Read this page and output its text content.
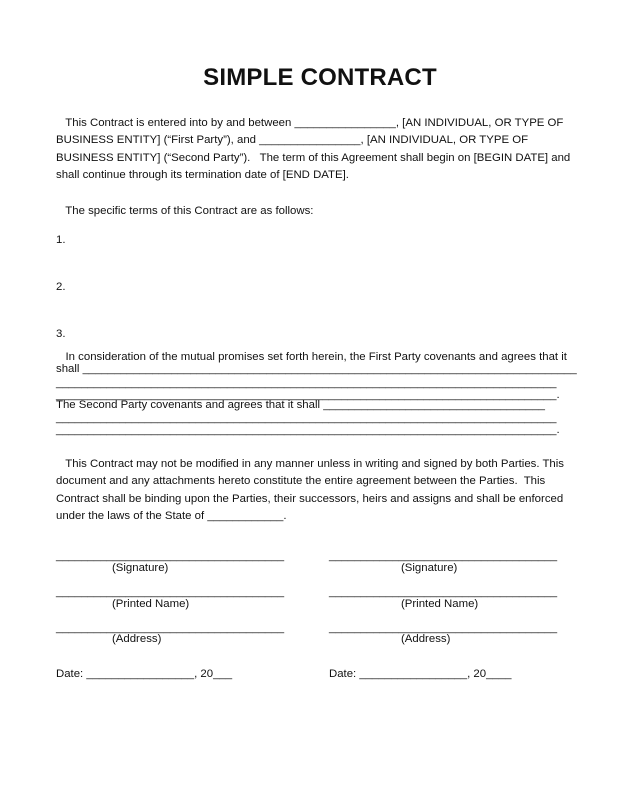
SIMPLE CONTRACT
This Contract is entered into by and between ________________, [AN INDIVIDUAL, OR TYPE OF
BUSINESS ENTITY] (“First Party”), and ________________, [AN INDIVIDUAL, OR TYPE OF
BUSINESS ENTITY] (“Second Party”).   The term of this Agreement shall begin on [BEGIN DATE] and
shall continue through its termination date of [END DATE].
The specific terms of this Contract are as follows:
1.
2.
3.
In consideration of the mutual promises set forth herein, the First Party covenants and agrees that it
shall ______________________________________________________________________________
_______________________________________________________________________________
_______________________________________________________________________________.
The Second Party covenants and agrees that it shall ___________________________________
_______________________________________________________________________________
_______________________________________________________________________________.
This Contract may not be modified in any manner unless in writing and signed by both Parties. This
document and any attachments hereto constitute the entire agreement between the Parties.  This
Contract shall be binding upon the Parties, their successors, heirs and assigns and shall be enforced
under the laws of the State of ____________.
____________________________________
(Signature)
____________________________________
(Printed Name)
____________________________________
(Address)
Date: _________________, 20___
____________________________________
(Signature)
____________________________________
(Printed Name)
____________________________________
(Address)
Date: _________________, 20____
